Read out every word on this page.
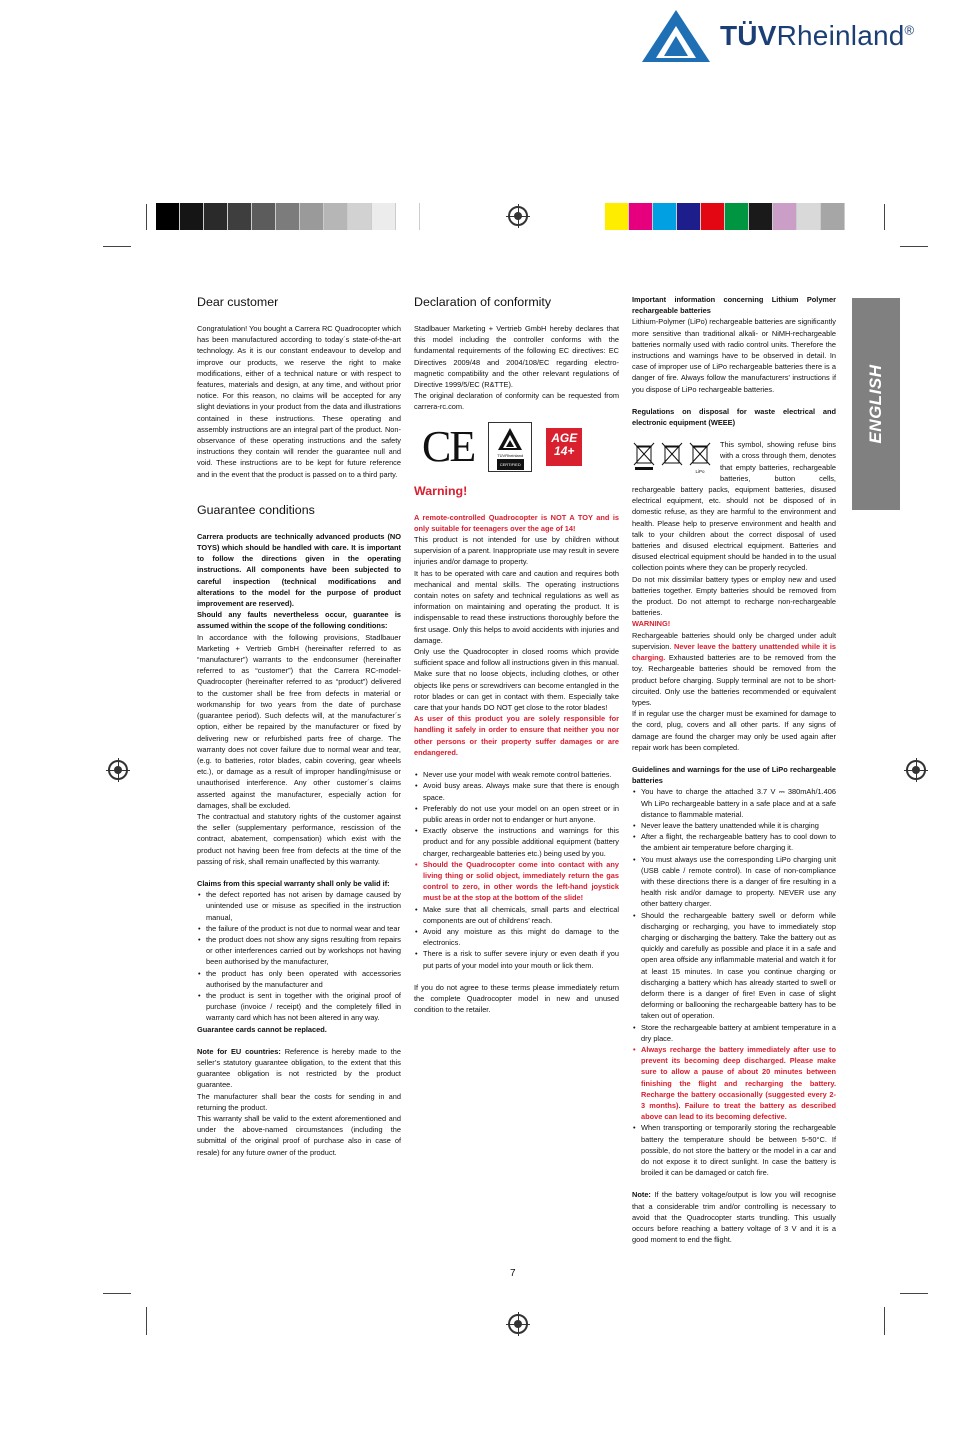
TÜVRheinland®
ENGLISH
Dear customer

Congratulation! You bought a Carrera RC Quadrocopter which has been manufactured according to today´s state-of-the-art technology. As it is our constant endeavour to develop and improve our products, we reserve the right to make modifications, either of a technical nature or with respect to features, materials and design, at any time, and without prior notice. For this reason, no claims will be accepted for any slight deviations in your product from the data and illustrations contained in these instructions. These operating and assembly instructions are an integral part of the product. Non-observance of these operating instructions and the safety instructions they contain will render the guarantee null and void. These instructions are to be kept for future reference and in the event that the product is passed on to a third party.

Guarantee conditions

Carrera products are technically advanced products (NO TOYS) which should be handled with care. It is important to follow the directions given in the operating instructions. All components have been subjected to careful inspection (technical modifications and alterations to the model for the purpose of product improvement are reserved).

Should any faults nevertheless occur, guarantee is assumed within the scope of the following conditions:

In accordance with the following provisions, Stadlbauer Marketing + Vertrieb GmbH (hereinafter referred to as “manufacturer”) warrants to the endconsumer (hereinafter referred to as “customer”) that the Carrera RC-model-Quadrocopter (hereinafter referred to as “product”) delivered to the customer shall be free from defects in material or workmanship for two years from the date of purchase (guarantee period). Such defects will, at the manufacturer´s option, either be repaired by the manufacturer or fixed by delivering new or refurbished parts free of charge. The warranty does not cover failure due to normal wear and tear, (e.g. to batteries, rotor blades, cabin covering, gear wheels etc.), or damage as a result of improper handling/misuse or unauthorised interference. Any other customer´s claims asserted against the manufacturer, especially action for damages, shall be excluded.

The contractual and statutory rights of the customer against the seller (supplementary performance, rescission of the contract, abatement, compensation) which exist with the product not having been free from defects at the time of the passing of risk, shall remain unaffected by this warranty.

Claims from this special warranty shall only be valid if:

• the defect reported has not arisen by damage caused by unintended use or misuse as specified in the instruction manual,
• the failure of the product is not due to normal wear and tear
• the product does not show any signs resulting from repairs or other interferences carried out by workshops not having been authorised by the manufacturer,
• the product has only been operated with accessories authorised by the manufacturer and
• the product is sent in together with the original proof of purchase (invoice / receipt) and the completely filled in warranty card which has not been altered in any way.

Guarantee cards cannot be replaced.

Note for EU countries: Reference is hereby made to the seller’s statutory guarantee obligation, to the extent that this guarantee obligation is not restricted by the product guarantee.

The manufacturer shall bear the costs for sending in and returning the product.

This warranty shall be valid to the extent aforementioned and under the above-named circumstances (including the submittal of the original proof of purchase also in case of resale) for any future owner of the product.

Declaration of conformity

Stadlbauer Marketing + Vertrieb GmbH hereby declares that this model including the controller conforms with the fundamental requirements of the following EC directives: EC Directives 2009/48 and 2004/108/EC regarding electro-magnetic compatibility and the other relevant regulations of Directive 1999/5/EC (R&TTE).

The original declaration of conformity can be requested from carrera-rc.com.

CE	TÜVRheinland
CERTIFIED
AGE
14+
Warning!

A remote-controlled Quadrocopter is NOT A TOY and is only suitable for teenagers over the age of 14!

This product is not intended for use by children without supervision of a parent. Inappropriate use may result in severe injuries and/or damage to property.

It has to be operated with care and caution and requires both mechanical and mental skills. The operating instructions contain notes on safety and technical regulations as well as information on maintaining and operating the product. It is indispensable to read these instructions thoroughly before the first usage. Only this helps to avoid accidents with injuries and damage.

Only use the Quadrocopter in closed rooms which provide sufficient space and follow all instructions given in this manual. Make sure that no loose objects, including clothes, or other objects like pens or screwdrivers can become entangled in the rotor blades or can get in contact with them. Especially take care that your hands DO NOT get close to the rotor blades!

As user of this product you are solely responsible for handling it safely in order to ensure that neither you nor other persons or their property suffer damages or are endangered.

• Never use your model with weak remote control batteries.
• Avoid busy areas. Always make sure that there is enough space.
• Preferably do not use your model on an open street or in public areas in order not to endanger or hurt anyone.
• Exactly observe the instructions and warnings for this product and for any possible additional equipment (battery charger, rechargeable batteries etc.) being used by you.
• Should the Quadrocopter come into contact with any living thing or solid object, immediately return the gas control to zero, in other words the left-hand joystick must be at the stop at the bottom of the slide!
• Make sure that all chemicals, small parts and electrical components are out of childrens’ reach.
• Avoid any moisture as this might do damage to the electronics.
• There is a risk to suffer severe injury or even death if you put parts of your model into your mouth or lick them.

If you do not agree to these terms please immediately return the complete Quadrocopter model in new and unused condition to the retailer.

Important information concerning Lithium Polymer rechargeable batteries

Lithium-Polymer (LiPo) rechargeable batteries are significantly more sensitive than traditional alkali- or NiMH-rechargeable batteries normally used with radio control units. Therefore the instructions and warnings have to be observed in detail. In case of improper use of LiPo rechargeable batteries there is a danger of fire. Always follow the manufacturers’ instructions if you dispose of LiPo rechargeable batteries.

Regulations on disposal for waste electrical and electronic equipment (WEEE)

LiPo

This symbol, showing refuse bins with a cross through them, denotes that empty batteries, rechargeable batteries, button cells, rechargeable battery packs, equipment batteries, disused electrical equipment, etc. should not be disposed of in domestic refuse, as they are harmful to the environment and health. Please help to preserve environment and health and talk to your children about the correct disposal of used batteries and disused electrical equipment. Batteries and disused electrical equipment should be handed in to the usual collection points where they can be properly recycled.

Do not mix dissimilar battery types or employ new and used batteries together. Empty batteries should be removed from the product. Do not attempt to recharge non-rechargeable batteries.

WARNING!

Rechargeable batteries should only be charged under adult supervision. Never leave the battery unattended while it is charging. Exhausted batteries are to be removed from the toy. Rechargeable batteries should be removed from the product before charging. Supply terminal are not to be short-circuited. Only use the batteries recommended or equivalent types.

If in regular use the charger must be examined for damage to the cord, plug, covers and all other parts. If any signs of damage are found the charger may only be used again after repair work has been completed.

Guidelines and warnings for the use of LiPo rechargeable batteries

• You have to charge the attached 3.7 V ⎓ 380mAh/1.406 Wh LiPo rechargeable battery in a safe place and at a safe distance to flammable material.
• Never leave the battery unattended while it is charging
• After a flight, the rechargeable battery has to cool down to the ambient air temperature before charging it.
• You must always use the corresponding LiPo charging unit (USB cable / remote control). In case of non-compliance with these directions there is a danger of fire resulting in a health risk and/or damage to property. NEVER use any other battery charger.
• Should the rechargeable battery swell or deform while discharging or recharging, you have to immediately stop charging or discharging the battery. Take the battery out as quickly and carefully as possible and place it in a safe and open area offside any inflammable material and watch it for at least 15 minutes. In case you continue charging or discharging a battery which has already started to swell or deform there is a danger of fire! Even in case of slight deforming or ballooning the rechargeable battery has to be taken out of operation.
• Store the rechargeable battery at ambient temperature in a dry place.
• Always recharge the battery immediately after use to prevent its becoming deep discharged. Please make sure to allow a pause of about 20 minutes between finishing the flight and recharging the battery. Recharge the battery occasionally (suggested every 2-3 months). Failure to treat the battery as described above can lead to its becoming defective.
• When transporting or temporarily storing the rechargeable battery the temperature should be between 5-50°C. If possible, do not store the battery or the model in a car and do not expose it to direct sunlight. In case the battery is broiled it can be damaged or catch fire.

Note: If the battery voltage/output is low you will recognise that a considerable trim and/or controlling is necessary to avoid that the Quadrocopter starts trundling. This usually occurs before reaching a battery voltage of 3 V and it is a good moment to end the flight.

7
